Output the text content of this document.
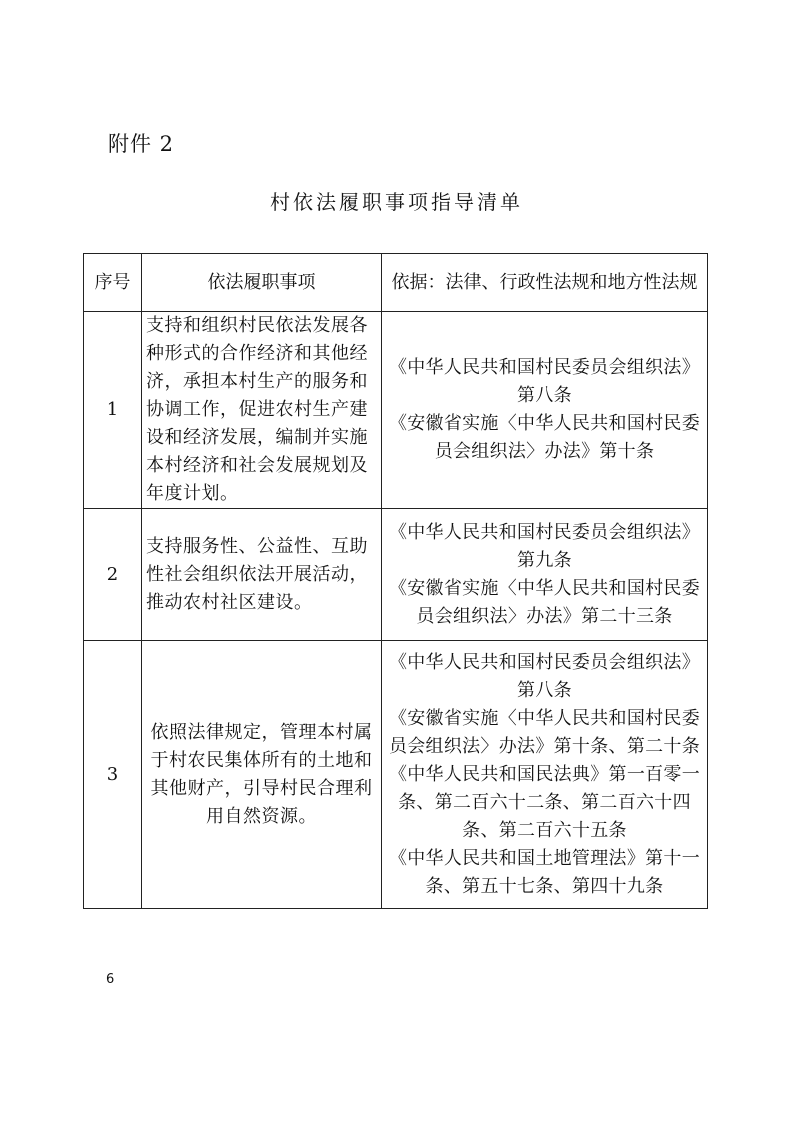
附件 2
村依法履职事项指导清单
序号	依法履职事项	依据：法律、行政性法规和地方性法规
1	支持和组织村民依法发展各种形式的合作经济和其他经济，承担本村生产的服务和协调工作，促进农村生产建设和经济发展，编制并实施本村经济和社会发展规划及年度计划。	《中华人民共和国村民委员会组织法》第八条
《安徽省实施〈中华人民共和国村民委员会组织法〉办法》第十条

2	支持服务性、公益性、互助性社会组织依法开展活动，推动农村社区建设。	《中华人民共和国村民委员会组织法》第九条
《安徽省实施〈中华人民共和国村民委员会组织法〉办法》第二十三条

3	依照法律规定，管理本村属于村农民集体所有的土地和其他财产，引导村民合理利用自然资源。	《中华人民共和国村民委员会组织法》第八条
《安徽省实施〈中华人民共和国村民委员会组织法〉办法》第十条、第二十条
《中华人民共和国民法典》第一百零一条、第二百六十二条、第二百六十四条、第二百六十五条
《中华人民共和国土地管理法》第十一条、第五十七条、第四十九条
6
